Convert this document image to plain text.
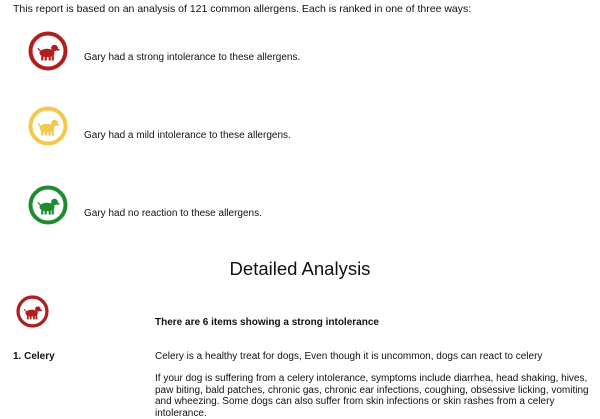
This report is based on an analysis of 121 common allergens. Each is ranked in one of three ways:
Gary had a strong intolerance to these allergens.
Gary had a mild intolerance to these allergens.
Gary had no reaction to these allergens.
Detailed Analysis
There are 6 items showing a strong intolerance
1. Celery	Celery is a healthy treat for dogs, Even though it is uncommon, dogs can react to celery
If your dog is suffering from a celery intolerance, symptoms include diarrhea, head shaking, hives, paw biting, bald patches, chronic gas, chronic ear infections, coughing, obsessive licking, vomiting and wheezing. Some dogs can also suffer from skin infections or skin rashes from a celery intolerance.
